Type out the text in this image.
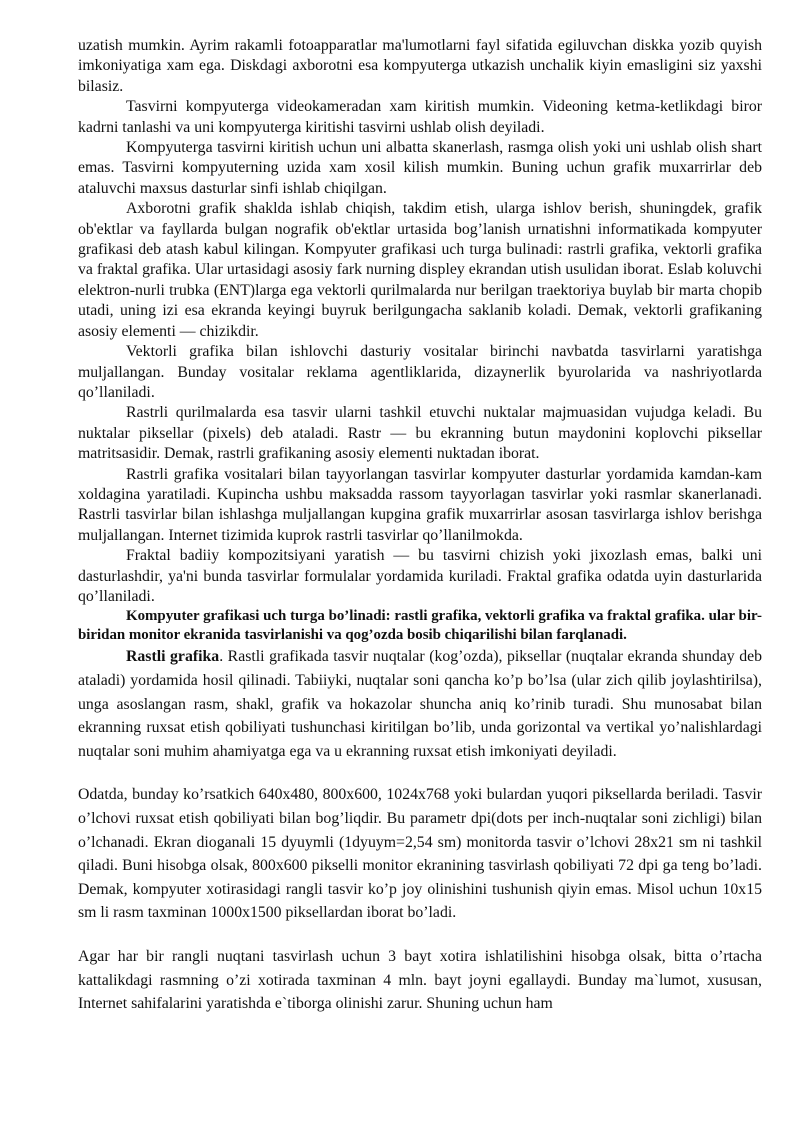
uzatish mumkin. Ayrim rakamli fotoapparatlar ma'lumotlarni fayl sifatida egiluvchan diskka yozib quyish imkoniyatiga xam ega. Diskdagi axborotni esa kompyuterga utkazish unchalik kiyin emasligini siz yaxshi bilasiz.

Tasvirni kompyuterga videokameradan xam kiritish mumkin. Videoning ketma-ketlikdagi biror kadrni tanlashi va uni kompyuterga kiritishi tasvirni ushlab olish deyiladi.

Kompyuterga tasvirni kiritish uchun uni albatta skanerlash, rasmga olish yoki uni ushlab olish shart emas. Tasvirni kompyuterning uzida xam xosil kilish mumkin. Buning uchun grafik muxarrirlar deb ataluvchi maxsus dasturlar sinfi ishlab chiqilgan.

Axborotni grafik shaklda ishlab chiqish, takdim etish, ularga ishlov berish, shuningdek, grafik ob'ektlar va fayllarda bulgan nografik ob'ektlar urtasida bog’lanish urnatishni informatikada kompyuter grafikasi deb atash kabul kilingan. Kompyuter grafikasi uch turga bulinadi: rastrli grafika, vektorli grafika va fraktal grafika. Ular urtasidagi asosiy fark nurning displey ekrandan utish usulidan iborat. Eslab koluvchi elektron-nurli trubka (ENT)larga ega vektorli qurilmalarda nur berilgan traektoriya buylab bir marta chopib utadi, uning izi esa ekranda keyingi buyruk berilgungacha saklanib koladi. Demak, vektorli grafikaning asosiy elementi — chizikdir.

Vektorli grafika bilan ishlovchi dasturiy vositalar birinchi navbatda tasvirlarni yaratishga muljallangan. Bunday vositalar reklama agentliklarida, dizaynerlik byurolarida va nashriyotlarda qo’llaniladi.

Rastrli qurilmalarda esa tasvir ularni tashkil etuvchi nuktalar majmuasidan vujudga keladi. Bu nuktalar piksellar (pixels) deb ataladi. Rastr — bu ekranning butun maydonini koplovchi piksellar matritsasidir. Demak, rastrli grafikaning asosiy elementi nuktadan iborat.

Rastrli grafika vositalari bilan tayyorlangan tasvirlar kompyuter dasturlar yordamida kamdan-kam xoldagina yaratiladi. Kupincha ushbu maksadda rassom tayyorlagan tasvirlar yoki rasmlar skanerlanadi. Rastrli tasvirlar bilan ishlashga muljallangan kupgina grafik muxarrirlar asosan tasvirlarga ishlov berishga muljallangan. Internet tizimida kuprok rastrli tasvirlar qo’llanilmokda.

Fraktal badiiy kompozitsiyani yaratish — bu tasvirni chizish yoki jixozlash emas, balki uni dasturlashdir, ya'ni bunda tasvirlar formulalar yordamida kuriladi. Fraktal grafika odatda uyin dasturlarida qo’llaniladi.

Kompyuter grafikasi uch turga bo’linadi: rastli grafika, vektorli grafika va fraktal grafika. ular bir-biridan monitor ekranida tasvirlanishi va qog’ozda bosib chiqarilishi bilan farqlanadi.

Rastli grafika. Rastli grafikada tasvir nuqtalar (kog’ozda), piksellar (nuqtalar ekranda shunday deb ataladi) yordamida hosil qilinadi. Tabiiyki, nuqtalar soni qancha ko’p bo’lsa (ular zich qilib joylashtirilsa), unga asoslangan rasm, shakl, grafik va hokazolar shuncha aniq ko’rinib turadi. Shu munosabat bilan ekranning ruxsat etish qobiliyati tushunchasi kiritilgan bo’lib, unda gorizontal va vertikal yo’nalishlardagi nuqtalar soni muhim ahamiyatga ega va u ekranning ruxsat etish imkoniyati deyiladi.

Odatda, bunday ko’rsatkich 640x480, 800x600, 1024x768 yoki bulardan yuqori piksellarda beriladi. Tasvir o’lchovi ruxsat etish qobiliyati bilan bog’liqdir. Bu parametr dpi(dots per inch-nuqtalar soni zichligi) bilan o’lchanadi. Ekran dioganali 15 dyuymli (1dyuym=2,54 sm) monitorda tasvir o’lchovi 28x21 sm ni tashkil qiladi. Buni hisobga olsak, 800x600 pikselli monitor ekranining tasvirlash qobiliyati 72 dpi ga teng bo’ladi. Demak, kompyuter xotirasidagi rangli tasvir ko’p joy olinishini tushunish qiyin emas. Misol uchun 10x15 sm li rasm taxminan 1000x1500 piksellardan iborat bo’ladi.

Agar har bir rangli nuqtani tasvirlash uchun 3 bayt xotira ishlatilishini hisobga olsak, bitta o’rtacha kattalikdagi rasmning o’zi xotirada taxminan 4 mln. bayt joyni egallaydi. Bunday ma`lumot, xususan, Internet sahifalarini yaratishda e`tiborga olinishi zarur. Shuning uchun ham
